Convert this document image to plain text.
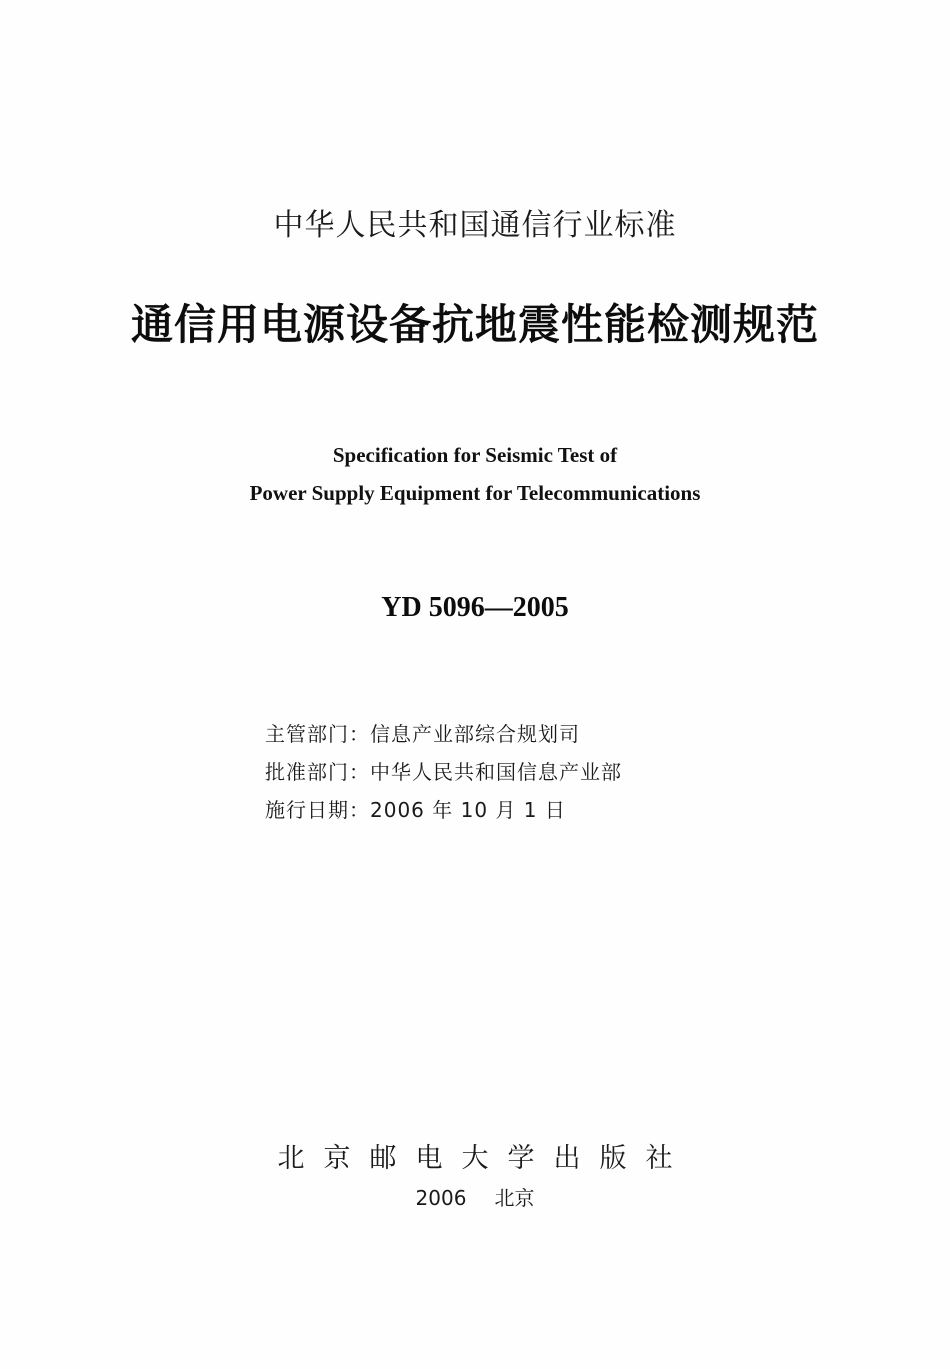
中华人民共和国通信行业标准
通信用电源设备抗地震性能检测规范
Specification for Seismic Test of
Power Supply Equipment for Telecommunications
YD 5096—2005
主管部门：信息产业部综合规划司
批准部门：中华人民共和国信息产业部
施行日期：2006 年 10 月 1 日
北京邮电大学出版社
2006 北京
